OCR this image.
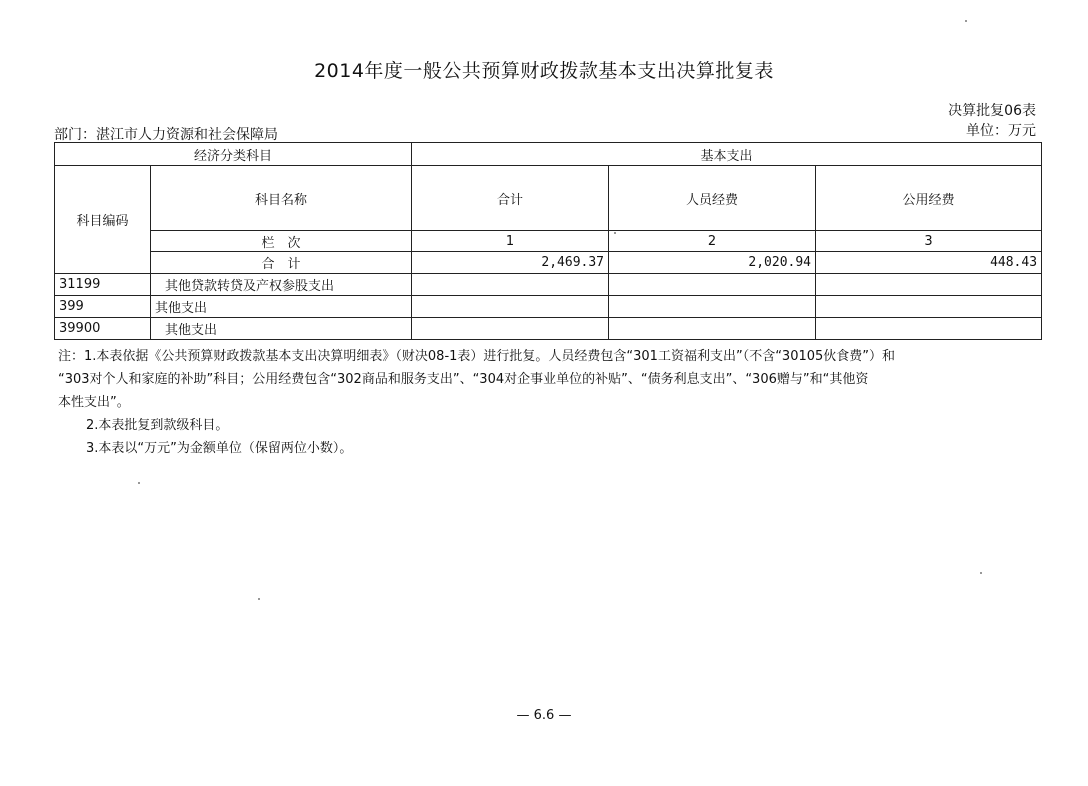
2014年度一般公共预算财政拨款基本支出决算批复表
决算批复06表
单位：万元
部门：湛江市人力资源和社会保障局
经济分类科目		基本支出		
科目编码	科目名称	合计	人员经费	公用经费
	栏　次	1	2	3
	合　计	2,469.37	2,020.94	448.43
31199	其他贷款转贷及产权参股支出			
399	其他支出			
39900	其他支出			

注：1.本表依据《公共预算财政拨款基本支出决算明细表》（财决08-1表）进行批复。人员经费包含“301工资福利支出”（不含“30105伙食费”）和

“303对个人和家庭的补助”科目；公用经费包含“302商品和服务支出”、“304对企事业单位的补贴”、“债务利息支出”、“306赠与”和“其他资

本性支出”。

2.本表批复到款级科目。

3.本表以“万元”为金额单位（保留两位小数）。

— 6.6 —
